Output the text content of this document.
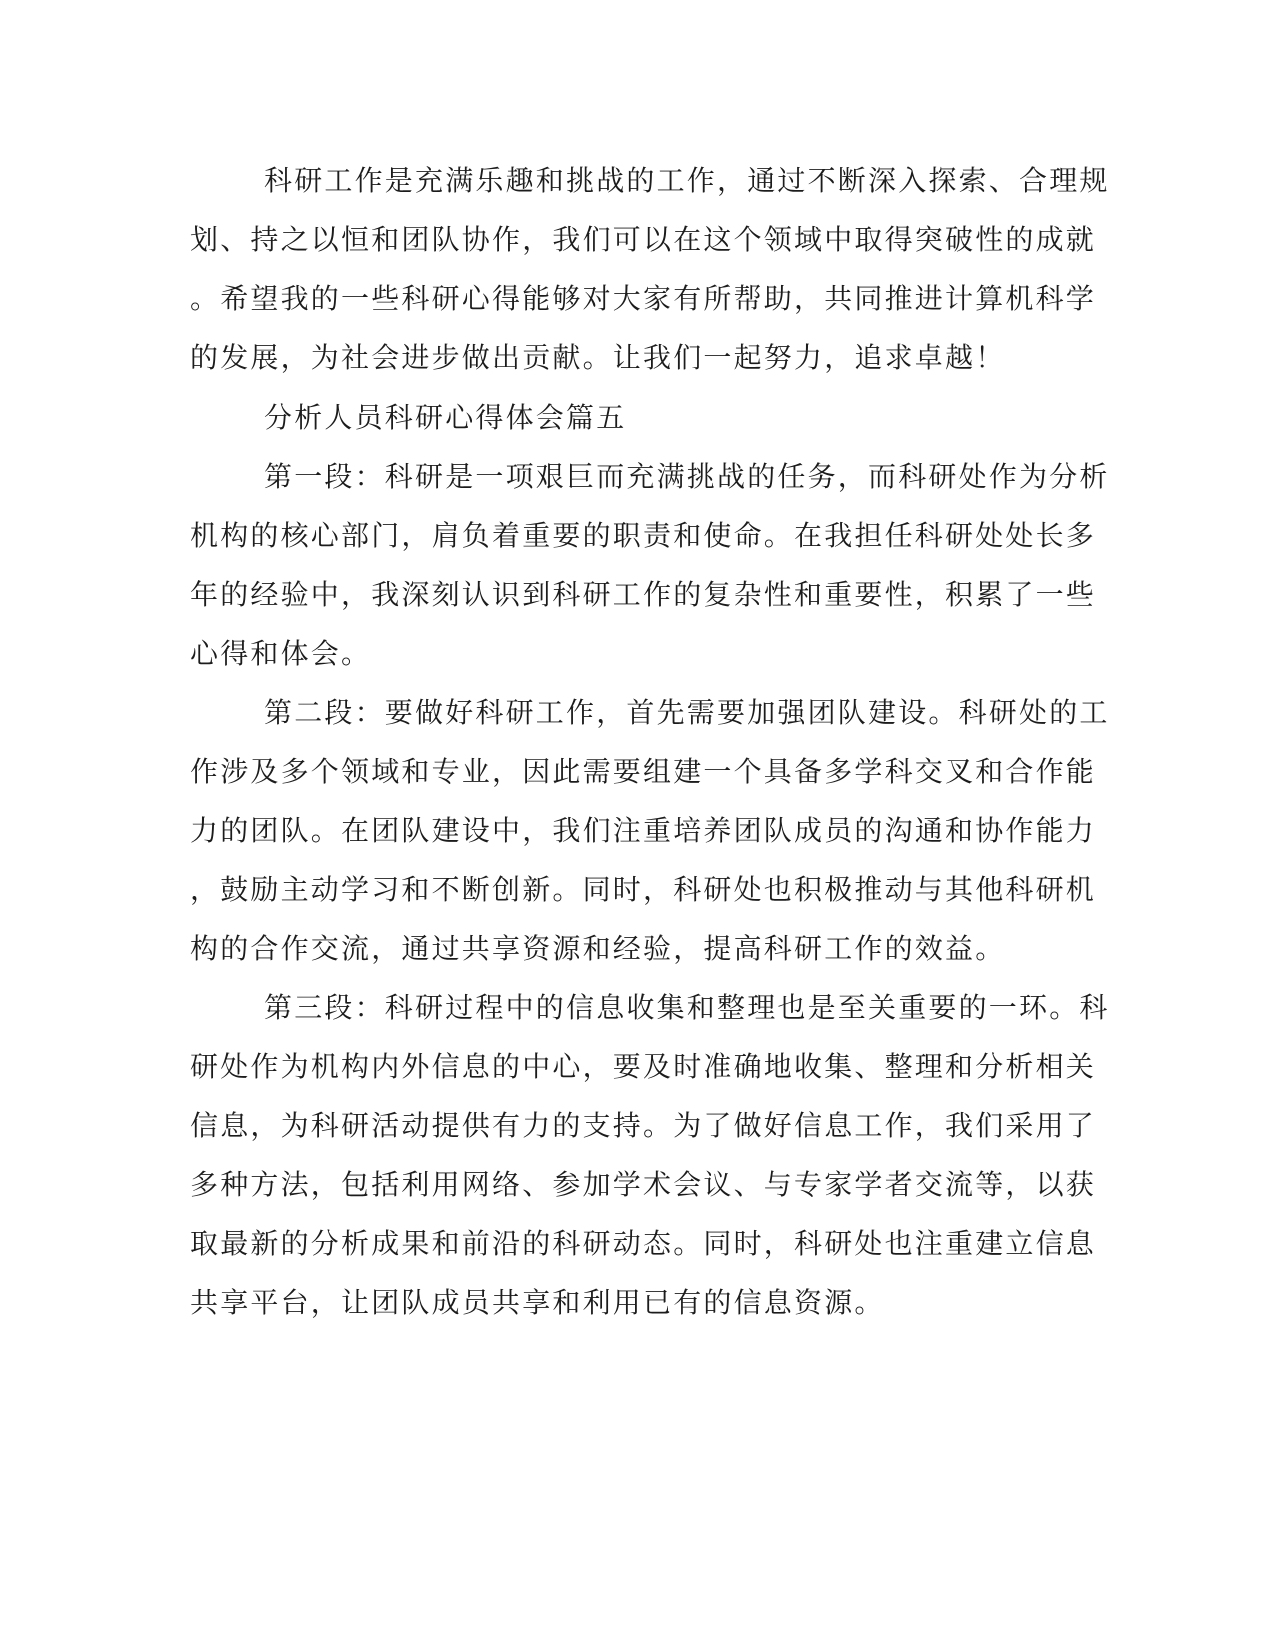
科研工作是充满乐趣和挑战的工作，通过不断深入探索、合理规
划、持之以恒和团队协作，我们可以在这个领域中取得突破性的成就
。希望我的一些科研心得能够对大家有所帮助，共同推进计算机科学
的发展，为社会进步做出贡献。让我们一起努力，追求卓越！
分析人员科研心得体会篇五
第一段：科研是一项艰巨而充满挑战的任务，而科研处作为分析
机构的核心部门，肩负着重要的职责和使命。在我担任科研处处长多
年的经验中，我深刻认识到科研工作的复杂性和重要性，积累了一些
心得和体会。
第二段：要做好科研工作，首先需要加强团队建设。科研处的工
作涉及多个领域和专业，因此需要组建一个具备多学科交叉和合作能
力的团队。在团队建设中，我们注重培养团队成员的沟通和协作能力
，鼓励主动学习和不断创新。同时，科研处也积极推动与其他科研机
构的合作交流，通过共享资源和经验，提高科研工作的效益。
第三段：科研过程中的信息收集和整理也是至关重要的一环。科
研处作为机构内外信息的中心，要及时准确地收集、整理和分析相关
信息，为科研活动提供有力的支持。为了做好信息工作，我们采用了
多种方法，包括利用网络、参加学术会议、与专家学者交流等，以获
取最新的分析成果和前沿的科研动态。同时，科研处也注重建立信息
共享平台，让团队成员共享和利用已有的信息资源。
